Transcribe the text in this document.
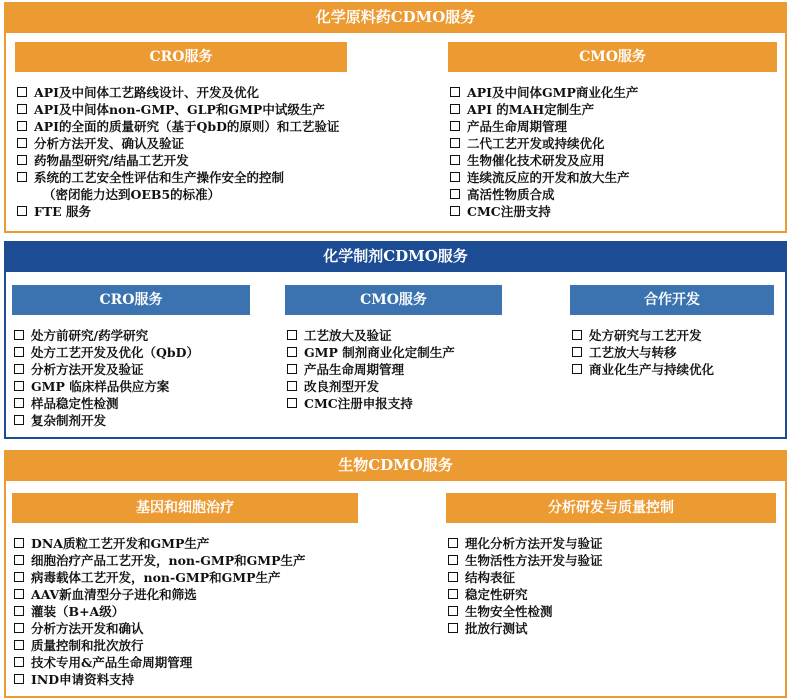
化学原料药CDMO服务
CRO服务
API及中间体工艺路线设计、开发及优化
API及中间体non-GMP、GLP和GMP中试级生产
API的全面的质量研究（基于QbD的原则）和工艺验证
分析方法开发、确认及验证
药物晶型研究/结晶工艺开发
系统的工艺安全性评估和生产操作安全的控制
（密闭能力达到OEB5的标准）
FTE 服务
CMO服务
API及中间体GMP商业化生产
API 的MAH定制生产
产品生命周期管理
二代工艺开发或持续优化
生物催化技术研发及应用
连续流反应的开发和放大生产
高活性物质合成
CMC注册支持
化学制剂CDMO服务
CRO服务
处方前研究/药学研究
处方工艺开发及优化（QbD）
分析方法开发及验证
GMP 临床样品供应方案
样品稳定性检测
复杂制剂开发
CMO服务
工艺放大及验证
GMP 制剂商业化定制生产
产品生命周期管理
改良剂型开发
CMC注册申报支持
合作开发
处方研究与工艺开发
工艺放大与转移
商业化生产与持续优化
生物CDMO服务
基因和细胞治疗
DNA质粒工艺开发和GMP生产
细胞治疗产品工艺开发，non-GMP和GMP生产
病毒载体工艺开发，non-GMP和GMP生产
AAV新血清型分子进化和筛选
灌装（B+A级）
分析方法开发和确认
质量控制和批次放行
技术专用&产品生命周期管理
IND申请资料支持
分析研发与质量控制
理化分析方法开发与验证
生物活性方法开发与验证
结构表征
稳定性研究
生物安全性检测
批放行测试
